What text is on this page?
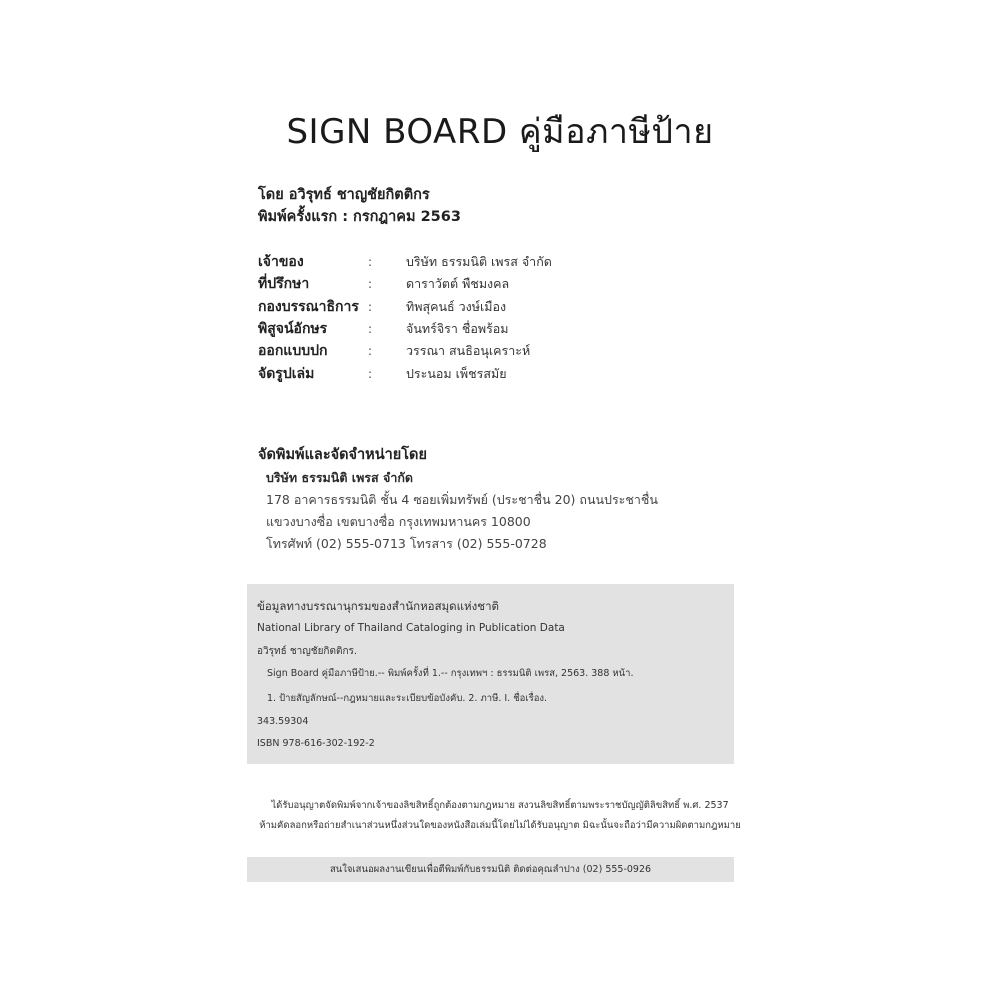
SIGN BOARD คู่มือภาษีป้าย
โดย อวิรุทธ์ ชาญชัยกิตติกร
พิมพ์ครั้งแรก : กรกฎาคม 2563
เจ้าของ	:	บริษัท ธรรมนิติ เพรส จำกัด
ที่ปรึกษา	:	ดาราวัตต์ พืชมงคล
กองบรรณาธิการ :	ทิพสุคนธ์ วงษ์เมือง
พิสูจน์อักษร	:	จันทร์จิรา ชื่อพร้อม
ออกแบบปก	:	วรรณา สนธิอนุเคราะห์
จัดรูปเล่ม	:	ประนอม เพ็ชรสมัย
จัดพิมพ์และจัดจำหน่ายโดย
บริษัท ธรรมนิติ เพรส จำกัด
178 อาคารธรรมนิติ ชั้น 4 ซอยเพิ่มทรัพย์ (ประชาชื่น 20) ถนนประชาชื่น
แขวงบางซื่อ เขตบางซื่อ กรุงเทพมหานคร 10800
โทรศัพท์ (02) 555-0713 โทรสาร (02) 555-0728
ข้อมูลทางบรรณานุกรมของสำนักหอสมุดแห่งชาติ
National Library of Thailand Cataloging in Publication Data
อวิรุทธ์ ชาญชัยกิตติกร.
Sign Board คู่มือภาษีป้าย.-- พิมพ์ครั้งที่ 1.-- กรุงเทพฯ : ธรรมนิติ เพรส, 2563. 388 หน้า.
1. ป้ายสัญลักษณ์--กฎหมายและระเบียบข้อบังคับ. 2. ภาษี. I. ชื่อเรื่อง.
343.59304
ISBN 978-616-302-192-2
ได้รับอนุญาตจัดพิมพ์จากเจ้าของลิขสิทธิ์ถูกต้องตามกฎหมาย สงวนลิขสิทธิ์ตามพระราชบัญญัติลิขสิทธิ์ พ.ศ. 2537
ห้ามคัดลอกหรือถ่ายสำเนาส่วนหนึ่งส่วนใดของหนังสือเล่มนี้โดยไม่ได้รับอนุญาต มิฉะนั้นจะถือว่ามีความผิดตามกฎหมาย
สนใจเสนอผลงานเขียนเพื่อตีพิมพ์กับธรรมนิติ ติดต่อคุณลำปาง (02) 555-0926
